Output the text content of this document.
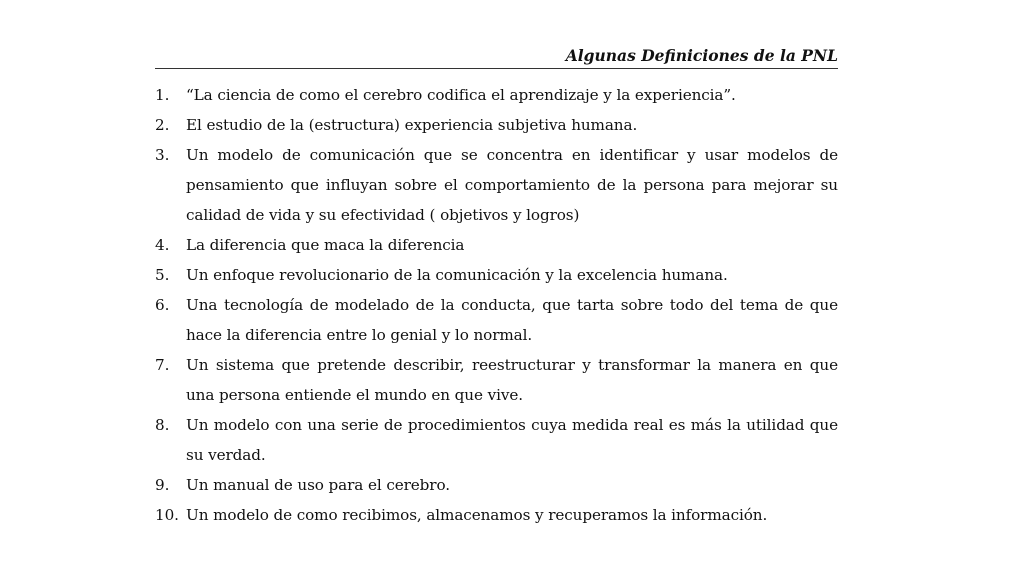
Algunas Definiciones de la PNL
1. “La ciencia de como el cerebro codifica el aprendizaje y la experiencia”.
2. El estudio de la (estructura) experiencia subjetiva humana.
3. Un modelo de comunicación que se concentra en identificar y usar modelos de pensamiento que influyan sobre el comportamiento de la persona para mejorar su calidad de vida y su efectividad ( objetivos y logros)
4. La diferencia que maca la diferencia
5. Un enfoque revolucionario de la comunicación y la excelencia humana.
6. Una tecnología de modelado de la conducta, que tarta sobre todo del tema de que hace la diferencia entre lo genial y lo normal.
7. Un sistema que pretende describir, reestructurar y transformar la manera en que una persona entiende el mundo en que vive.
8. Un modelo con una serie de procedimientos cuya medida real es más la utilidad que su verdad.
9. Un manual de uso para el cerebro.
10. Un modelo de como recibimos, almacenamos y recuperamos la información.
